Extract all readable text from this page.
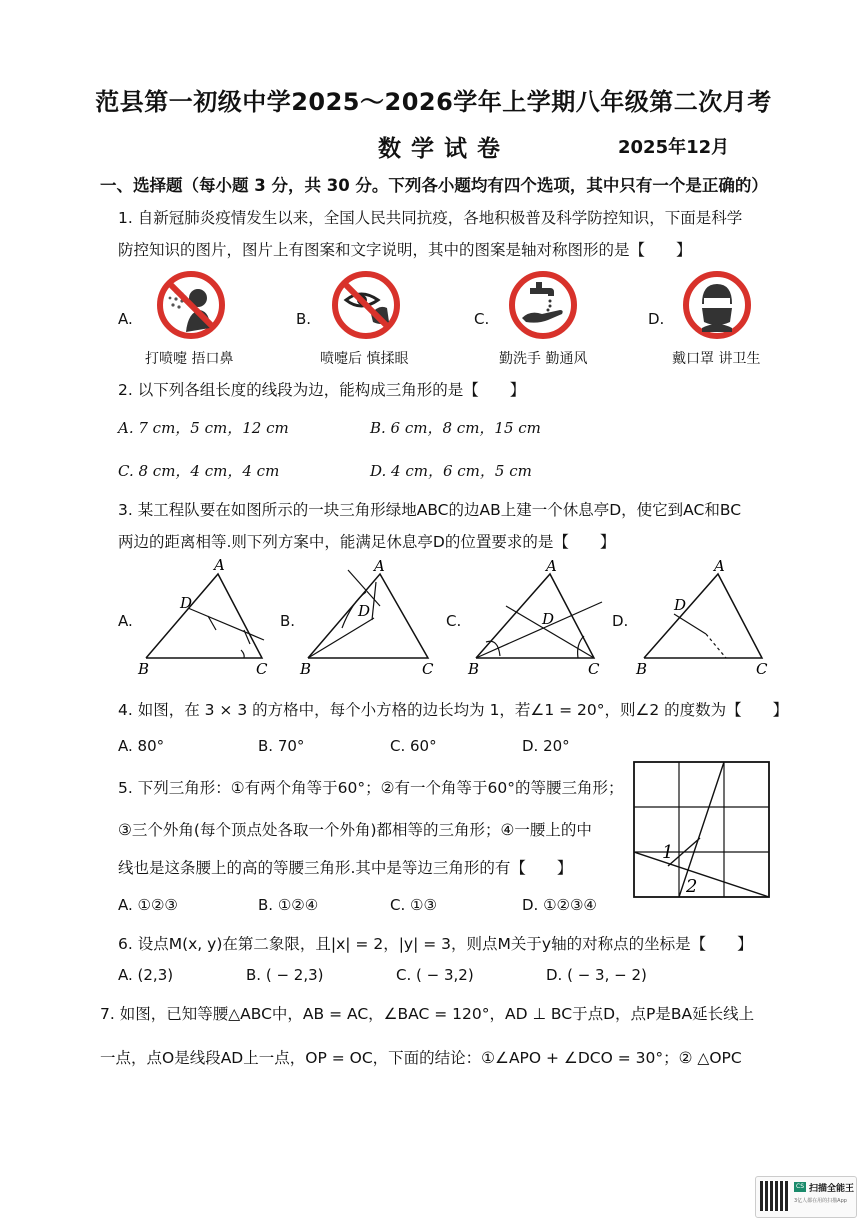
范县第一初级中学2025～2026学年上学期八年级第二次月考
数学试卷	2025年12月
一、选择题（每小题 3 分，共 30 分。下列各小题均有四个选项，其中只有一个是正确的）
1. 自新冠肺炎疫情发生以来，全国人民共同抗疫，各地积极普及科学防控知识，下面是科学
防控知识的图片，图片上有图案和文字说明，其中的图案是轴对称图形的是【　　】
A.	B.	C.	D.
打喷嚏 捂口鼻	喷嚏后 慎揉眼	勤洗手 勤通风	戴口罩 讲卫生
2. 以下列各组长度的线段为边，能构成三角形的是【　　】
A. 7 cm，5 cm，12 cm	B. 6 cm，8 cm，15 cm
C. 8 cm，4 cm，4 cm	D. 4 cm，6 cm，5 cm
3. 某工程队要在如图所示的一块三角形绿地ABC的边AB上建一个休息亭D，使它到AC和BC
两边的距离相等.则下列方案中，能满足休息亭D的位置要求的是【　　】
A.	B.	C.	D.
A
D
B	C
A
D
B	C
A
D
B	C
A
D
B	C
4. 如图，在 3 × 3 的方格中，每个小方格的边长均为 1，若∠1 = 20°，则∠2 的度数为【　　】
A. 80°	B. 70°	C. 60°	D. 20°
1
2
5. 下列三角形：①有两个角等于60°；②有一个角等于60°的等腰三角形；
③三个外角(每个顶点处各取一个外角)都相等的三角形；④一腰上的中
线也是这条腰上的高的等腰三角形.其中是等边三角形的有【　　】
A. ①②③	B. ①②④	C. ①③	D. ①②③④
6. 设点M(x, y)在第二象限，且|x| = 2，|y| = 3，则点M关于y轴的对称点的坐标是【　　】
A. (2,3)	B. ( − 2,3)	C. ( − 3,2)	D. ( − 3, − 2)
7. 如图，已知等腰△ABC中，AB = AC，∠BAC = 120°，AD ⊥ BC于点D，点P是BA延长线上
一点，点O是线段AD上一点，OP = OC，下面的结论：①∠APO + ∠DCO = 30°；② △OPC
CS 扫描全能王
3亿人都在用的扫描App
